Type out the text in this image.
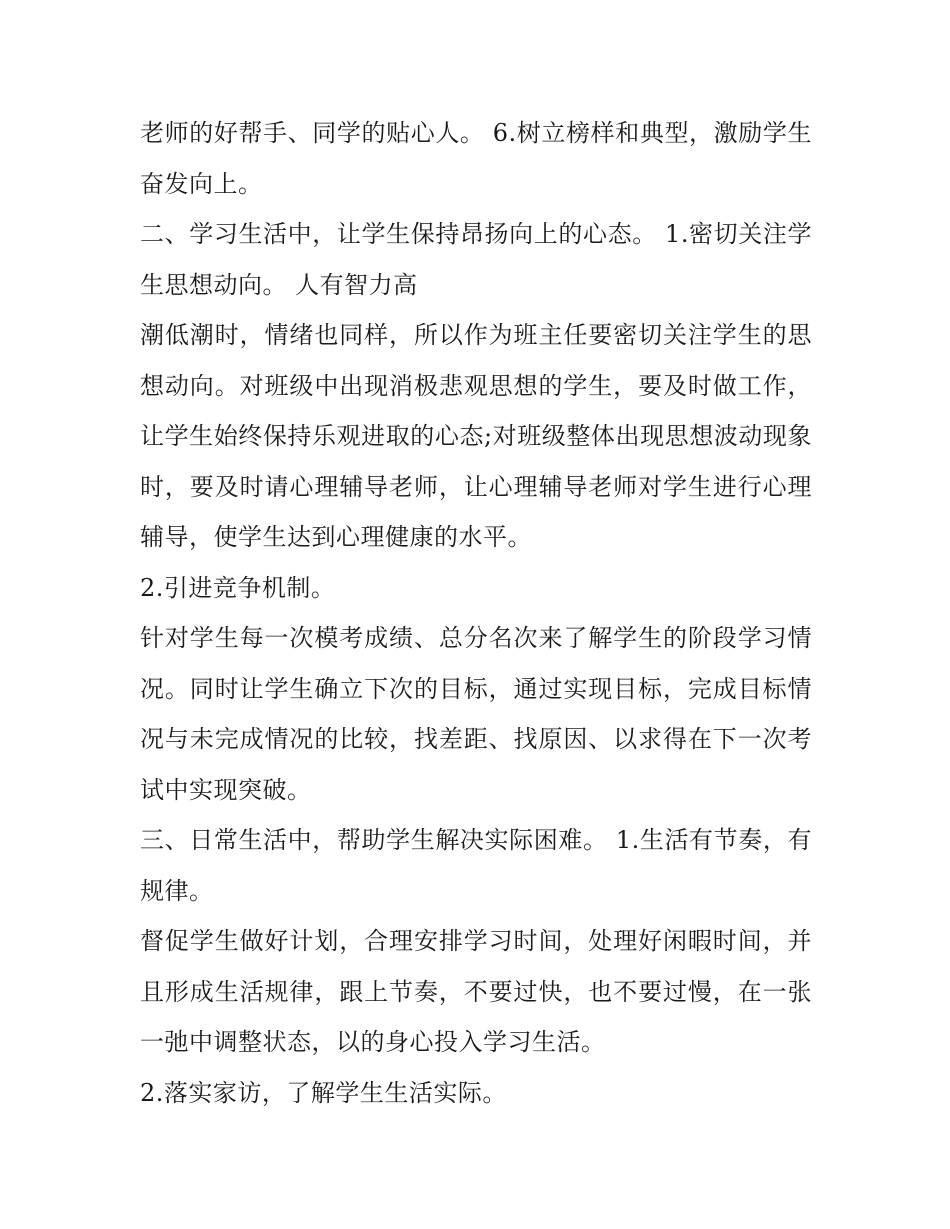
老师的好帮手、同学的贴心人。 6.树立榜样和典型，激励学生奋发向上。

二、学习生活中，让学生保持昂扬向上的心态。 1.密切关注学生思想动向。 人有智力高

潮低潮时，情绪也同样，所以作为班主任要密切关注学生的思想动向。对班级中出现消极悲观思想的学生，要及时做工作，让学生始终保持乐观进取的心态;对班级整体出现思想波动现象时，要及时请心理辅导老师，让心理辅导老师对学生进行心理辅导，使学生达到心理健康的水平。

2.引进竞争机制。

针对学生每一次模考成绩、总分名次来了解学生的阶段学习情况。同时让学生确立下次的目标，通过实现目标，完成目标情况与未完成情况的比较，找差距、找原因、以求得在下一次考试中实现突破。

三、日常生活中，帮助学生解决实际困难。 1.生活有节奏，有规律。

督促学生做好计划，合理安排学习时间，处理好闲暇时间，并且形成生活规律，跟上节奏，不要过快，也不要过慢，在一张一弛中调整状态，以的身心投入学习生活。

2.落实家访，了解学生生活实际。
